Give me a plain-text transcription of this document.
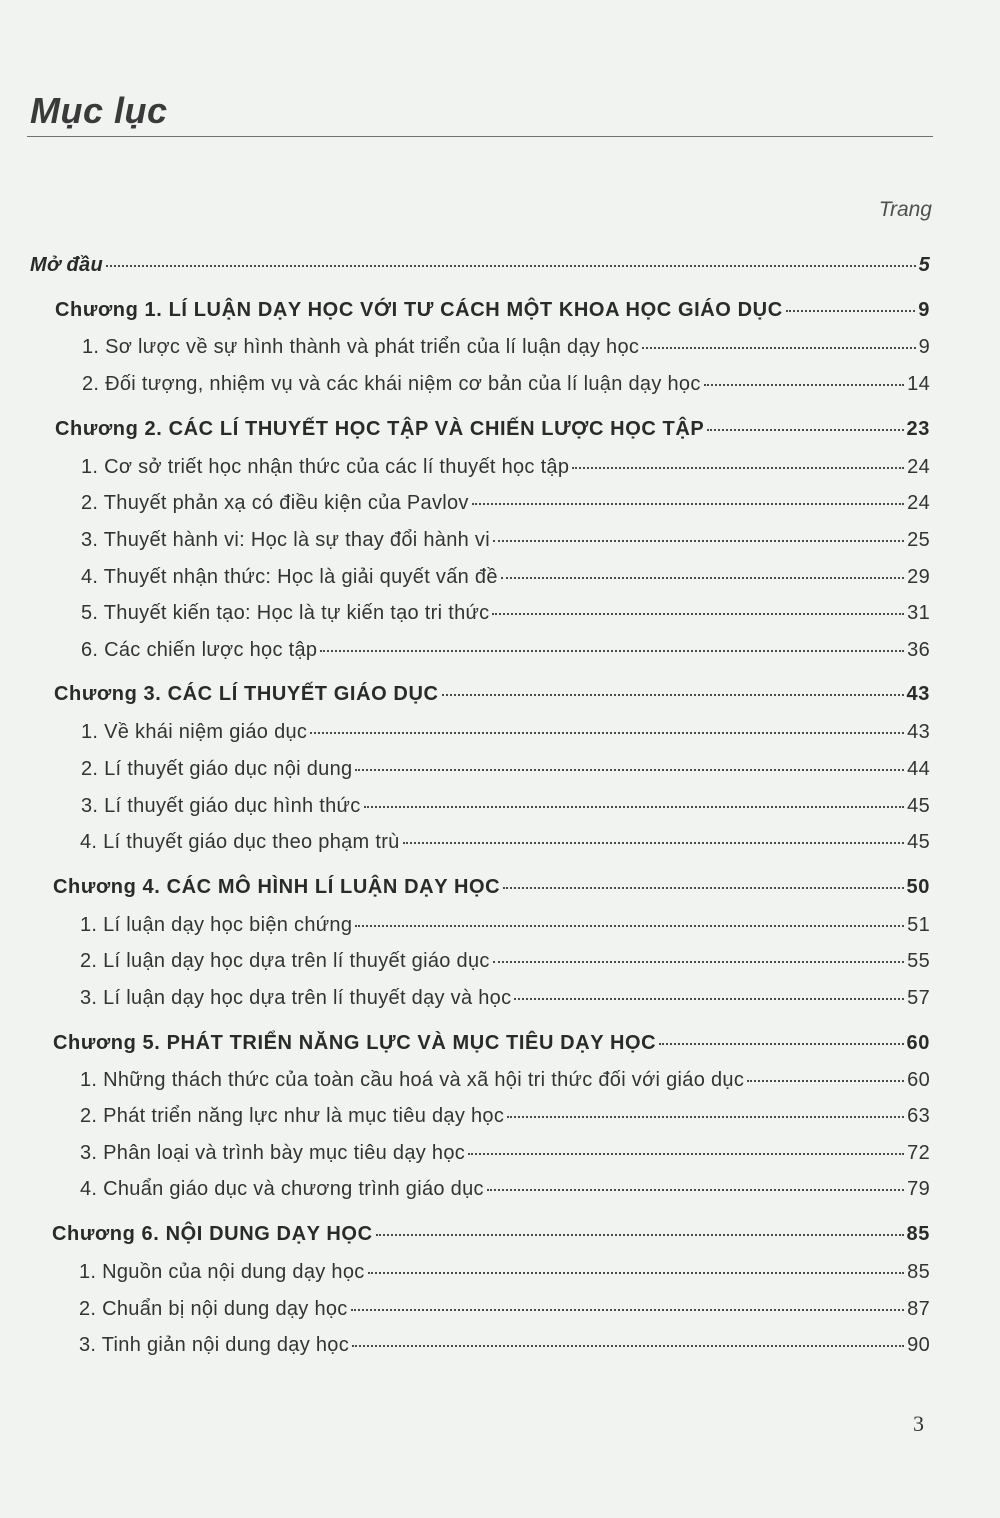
Mục lục
Trang
Mở đầu	5
Chương 1. LÍ LUẬN DẠY HỌC VỚI TƯ CÁCH MỘT KHOA HỌC GIÁO DỤC	9
1. Sơ lược về sự hình thành và phát triển của lí luận dạy học	9
2. Đối tượng, nhiệm vụ và các khái niệm cơ bản của lí luận dạy học	14
Chương 2. CÁC LÍ THUYẾT HỌC TẬP VÀ CHIẾN LƯỢC HỌC TẬP	23
1. Cơ sở triết học nhận thức của các lí thuyết học tập	24
2. Thuyết phản xạ có điều kiện của Pavlov	24
3. Thuyết hành vi: Học là sự thay đổi hành vi	25
4. Thuyết nhận thức: Học là giải quyết vấn đề	29
5. Thuyết kiến tạo: Học là tự kiến tạo tri thức	31
6. Các chiến lược học tập	36
Chương 3. CÁC LÍ THUYẾT GIÁO DỤC	43
1. Về khái niệm giáo dục	43
2. Lí thuyết giáo dục nội dung	44
3. Lí thuyết giáo dục hình thức	45
4. Lí thuyết giáo dục theo phạm trù	45
Chương 4. CÁC MÔ HÌNH LÍ LUẬN DẠY HỌC	50
1. Lí luận dạy học biện chứng	51
2. Lí luận dạy học dựa trên lí thuyết giáo dục	55
3. Lí luận dạy học dựa trên lí thuyết dạy và học	57
Chương 5. PHÁT TRIỂN NĂNG LỰC VÀ MỤC TIÊU DẠY HỌC	60
1. Những thách thức của toàn cầu hoá và xã hội tri thức đối với giáo dục	60
2. Phát triển năng lực như là mục tiêu dạy học	63
3. Phân loại và trình bày mục tiêu dạy học	72
4. Chuẩn giáo dục và chương trình giáo dục	79
Chương 6. NỘI DUNG DẠY HỌC	85
1. Nguồn của nội dung dạy học	85
2. Chuẩn bị nội dung dạy học	87
3. Tinh giản nội dung dạy học	90
3
